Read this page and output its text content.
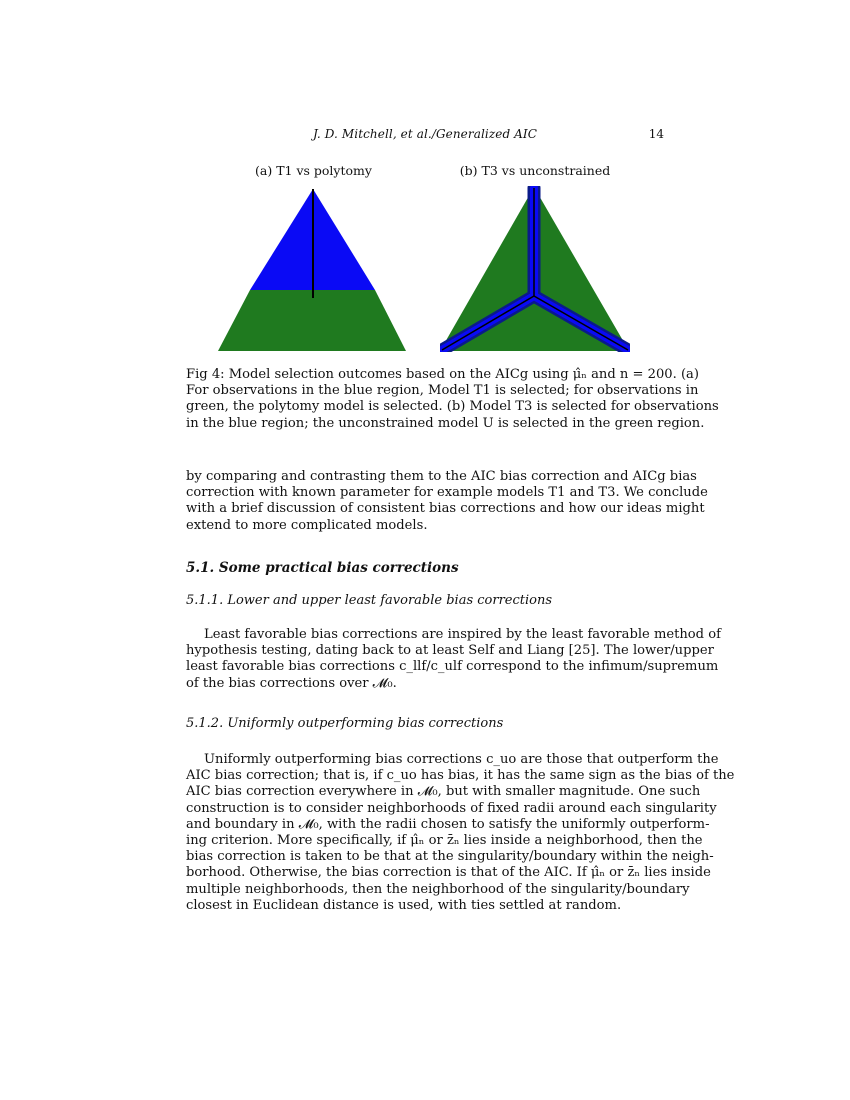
J. D. Mitchell, et al./Generalized AIC	14
(a) T1 vs polytomy	(b) T3 vs unconstrained
Fig 4: Model selection outcomes based on the AICg using μ̂ₙ and n = 200. (a)
For observations in the blue region, Model T1 is selected; for observations in
green, the polytomy model is selected. (b) Model T3 is selected for observations
in the blue region; the unconstrained model U is selected in the green region.
by comparing and contrasting them to the AIC bias correction and AICg bias
correction with known parameter for example models T1 and T3. We conclude
with a brief discussion of consistent bias corrections and how our ideas might
extend to more complicated models.
5.1. Some practical bias corrections
5.1.1. Lower and upper least favorable bias corrections
Least favorable bias corrections are inspired by the least favorable method of
hypothesis testing, dating back to at least Self and Liang [25]. The lower/upper
least favorable bias corrections c_llf/c_ulf correspond to the infimum/supremum
of the bias corrections over 𝓜₀.
5.1.2. Uniformly outperforming bias corrections
Uniformly outperforming bias corrections c_uo are those that outperform the
AIC bias correction; that is, if c_uo has bias, it has the same sign as the bias of the
AIC bias correction everywhere in 𝓜₀, but with smaller magnitude. One such
construction is to consider neighborhoods of fixed radii around each singularity
and boundary in 𝓜₀, with the radii chosen to satisfy the uniformly outperform-
ing criterion. More specifically, if μ̂ₙ or z̄ₙ lies inside a neighborhood, then the
bias correction is taken to be that at the singularity/boundary within the neigh-
borhood. Otherwise, the bias correction is that of the AIC. If μ̂ₙ or z̄ₙ lies inside
multiple neighborhoods, then the neighborhood of the singularity/boundary
closest in Euclidean distance is used, with ties settled at random.
